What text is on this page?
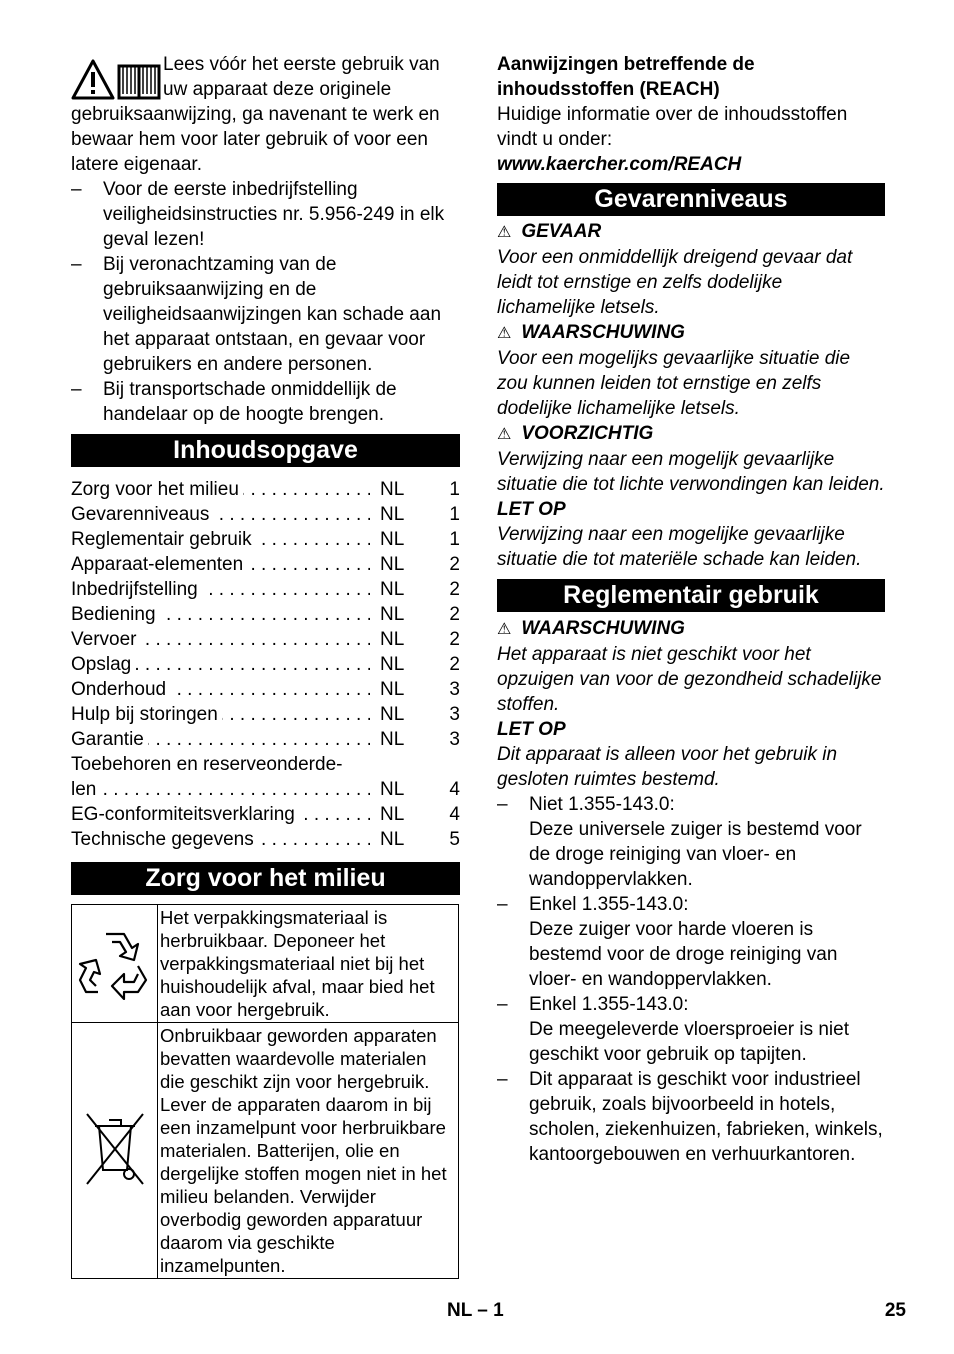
Lees vóór het eerste gebruik van uw apparaat deze originele gebruiksaanwijzing, ga navenant te werk en bewaar hem voor later gebruik of voor een latere eigenaar.

– Voor de eerste inbedrijfstelling veiligheidsinstructies nr. 5.956-249 in elk geval lezen!
– Bij veronachtzaming van de gebruiksaanwijzing en de veiligheidsaanwijzingen kan schade aan het apparaat ontstaan, en gevaar voor gebruikers en andere personen.
– Bij transportschade onmiddellijk de handelaar op de hoogte brengen.
Inhoudsopgave
Zorg voor het milieu . . .	NL	1
Gevarenniveaus . . .	NL	1
Reglementair gebruik . . .	NL	1
Apparaat-elementen . . .	NL	2
Inbedrijfstelling . . .	NL	2
Bediening . . .	NL	2
Vervoer . . .	NL	2
Opslag . . .	NL	2
Onderhoud . . .	NL	3
Hulp bij storingen . . .	NL	3
Garantie . . .	NL	3
Toebehoren en reserveonderde-
len . . .	NL	4
EG-conformiteitsverklaring . . .	NL	4
Technische gegevens . . .	NL	5
Zorg voor het milieu
	Het verpakkingsmateriaal is herbruikbaar. Deponeer het verpakkingsmateriaal niet bij het huishoudelijk afval, maar bied het aan voor hergebruik.
	Onbruikbaar geworden apparaten bevatten waardevolle materialen die geschikt zijn voor hergebruik. Lever de apparaten daarom in bij een inzamelpunt voor herbruikbare materialen. Batterijen, olie en dergelijke stoffen mogen niet in het milieu belanden. Verwijder overbodig geworden apparatuur daarom via geschikte inzamelpunten.

Aanwijzingen betreffende de inhoudsstoffen (REACH)

Huidige informatie over de inhoudsstoffen vindt u onder:

www.kaercher.com/REACH

Gevarenniveaus

⚠ GEVAAR

Voor een onmiddellijk dreigend gevaar dat leidt tot ernstige en zelfs dodelijke lichamelijke letsels.

⚠ WAARSCHUWING

Voor een mogelijks gevaarlijke situatie die zou kunnen leiden tot ernstige en zelfs dodelijke lichamelijke letsels.

⚠ VOORZICHTIG

Verwijzing naar een mogelijk gevaarlijke situatie die tot lichte verwondingen kan leiden.

LET OP

Verwijzing naar een mogelijke gevaarlijke situatie die tot materiële schade kan leiden.

Reglementair gebruik

⚠ WAARSCHUWING

Het apparaat is niet geschikt voor het opzuigen van voor de gezondheid schadelijke stoffen.

LET OP

Dit apparaat is alleen voor het gebruik in gesloten ruimtes bestemd.

– Niet 1.355-143.0:
Deze universele zuiger is bestemd voor de droge reiniging van vloer- en wandoppervlakken.
– Enkel 1.355-143.0:
Deze zuiger voor harde vloeren is bestemd voor de droge reiniging van vloer- en wandoppervlakken.
– Enkel 1.355-143.0:
De meegeleverde vloersproeier is niet geschikt voor gebruik op tapijten.
– Dit apparaat is geschikt voor industrieel gebruik, zoals bijvoorbeeld in hotels, scholen, ziekenhuizen, fabrieken, winkels, kantoorgebouwen en verhuurkantoren.
NL – 1	25
